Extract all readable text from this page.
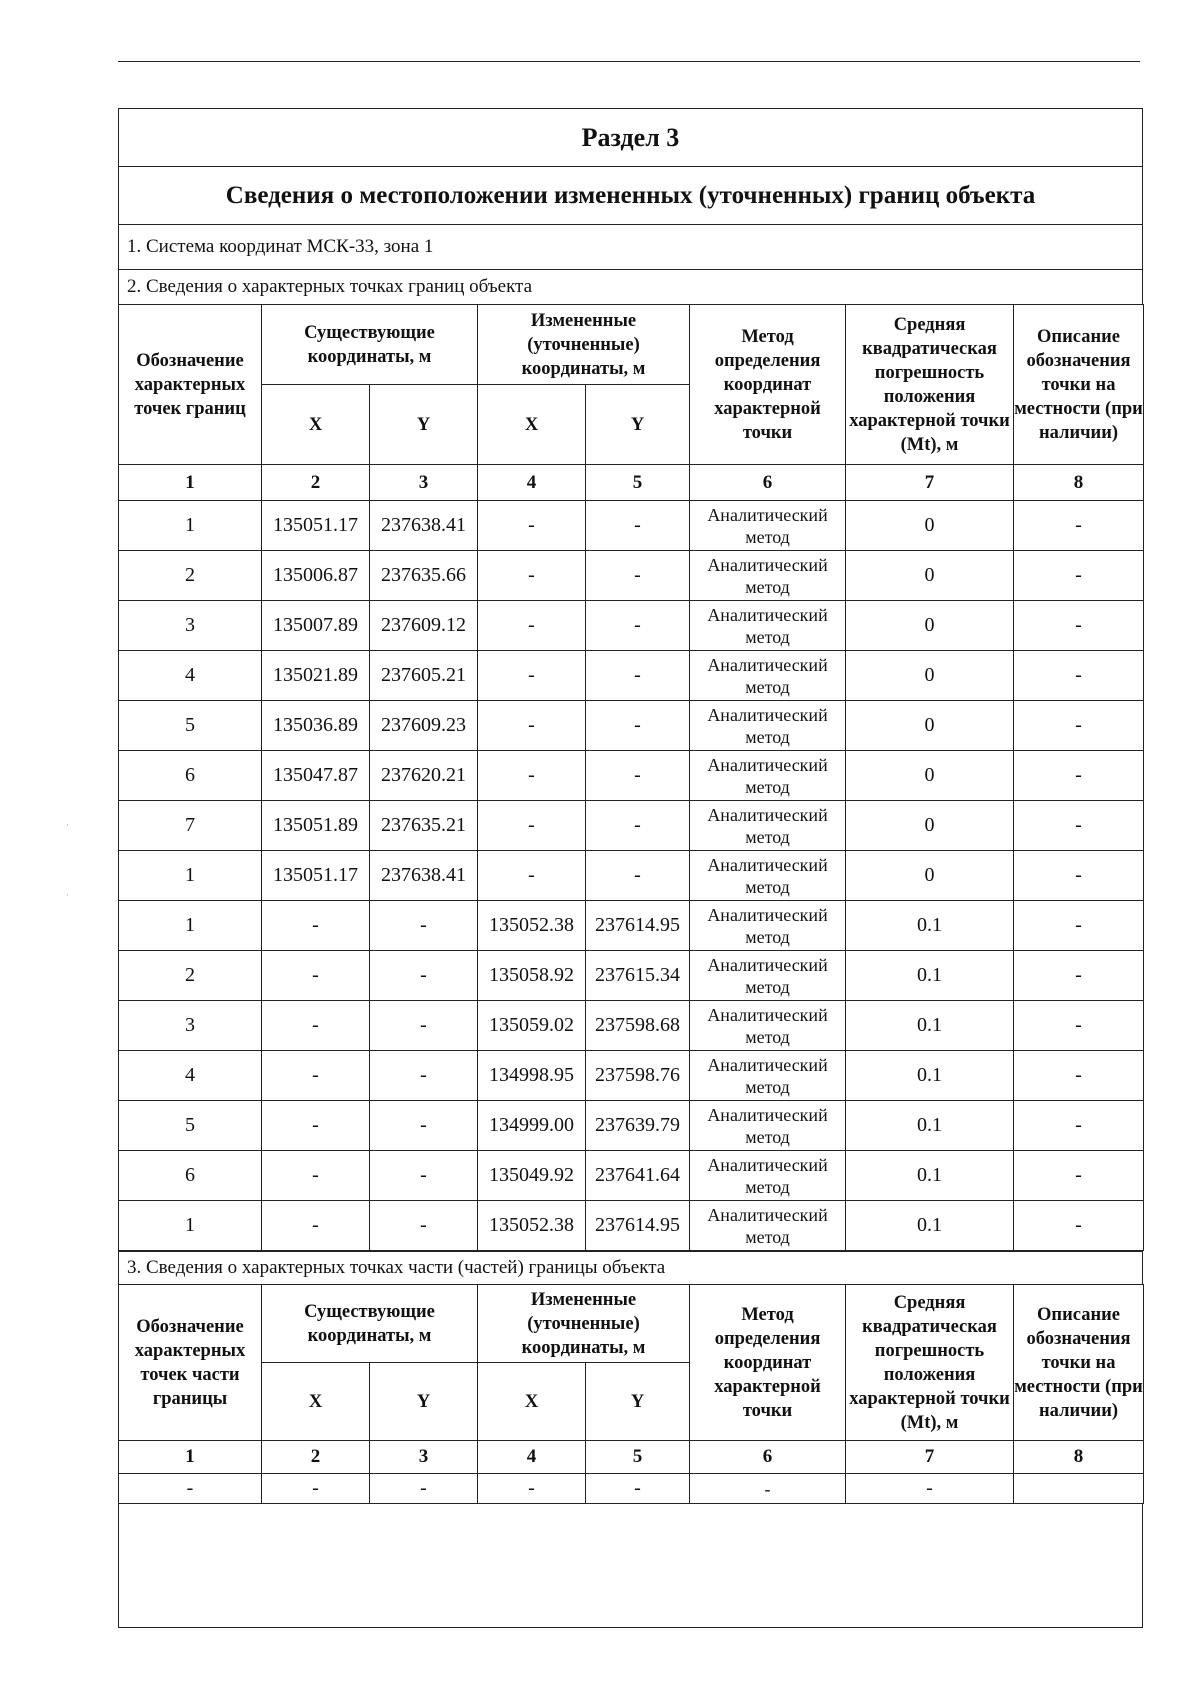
·
·
Раздел 3
Сведения о местоположении измененных (уточненных) границ объекта
1. Система координат МСК-33, зона 1
2. Сведения о характерных точках границ объекта
Обозначение характерных точек границ	Существующие координаты, м		Измененные (уточненные) координаты, м		Метод определения координат характерной точки	Средняя квадратическая погрешность положения характерной точки (Mt), м	Описание обозначения точки на местности (при наличии)
	X	Y	X	Y			
1	2	3	4	5	6	7	8
1	135051.17	237638.41	-	-	Аналитический метод	0	-
2	135006.87	237635.66	-	-	Аналитический метод	0	-
3	135007.89	237609.12	-	-	Аналитический метод	0	-
4	135021.89	237605.21	-	-	Аналитический метод	0	-
5	135036.89	237609.23	-	-	Аналитический метод	0	-
6	135047.87	237620.21	-	-	Аналитический метод	0	-
7	135051.89	237635.21	-	-	Аналитический метод	0	-
1	135051.17	237638.41	-	-	Аналитический метод	0	-
1	-	-	135052.38	237614.95	Аналитический метод	0.1	-
2	-	-	135058.92	237615.34	Аналитический метод	0.1	-
3	-	-	135059.02	237598.68	Аналитический метод	0.1	-
4	-	-	134998.95	237598.76	Аналитический метод	0.1	-
5	-	-	134999.00	237639.79	Аналитический метод	0.1	-
6	-	-	135049.92	237641.64	Аналитический метод	0.1	-
1	-	-	135052.38	237614.95	Аналитический метод	0.1	-
3. Сведения о характерных точках части (частей) границы объекта
Обозначение характерных точек части границы	Существующие координаты, м		Измененные (уточненные) координаты, м		Метод определения координат характерной точки	Средняя квадратическая погрешность положения характерной точки (Mt), м	Описание обозначения точки на местности (при наличии)
	X	Y	X	Y			
1	2	3	4	5	6	7	8
-	-	-	-	-	-	-	
